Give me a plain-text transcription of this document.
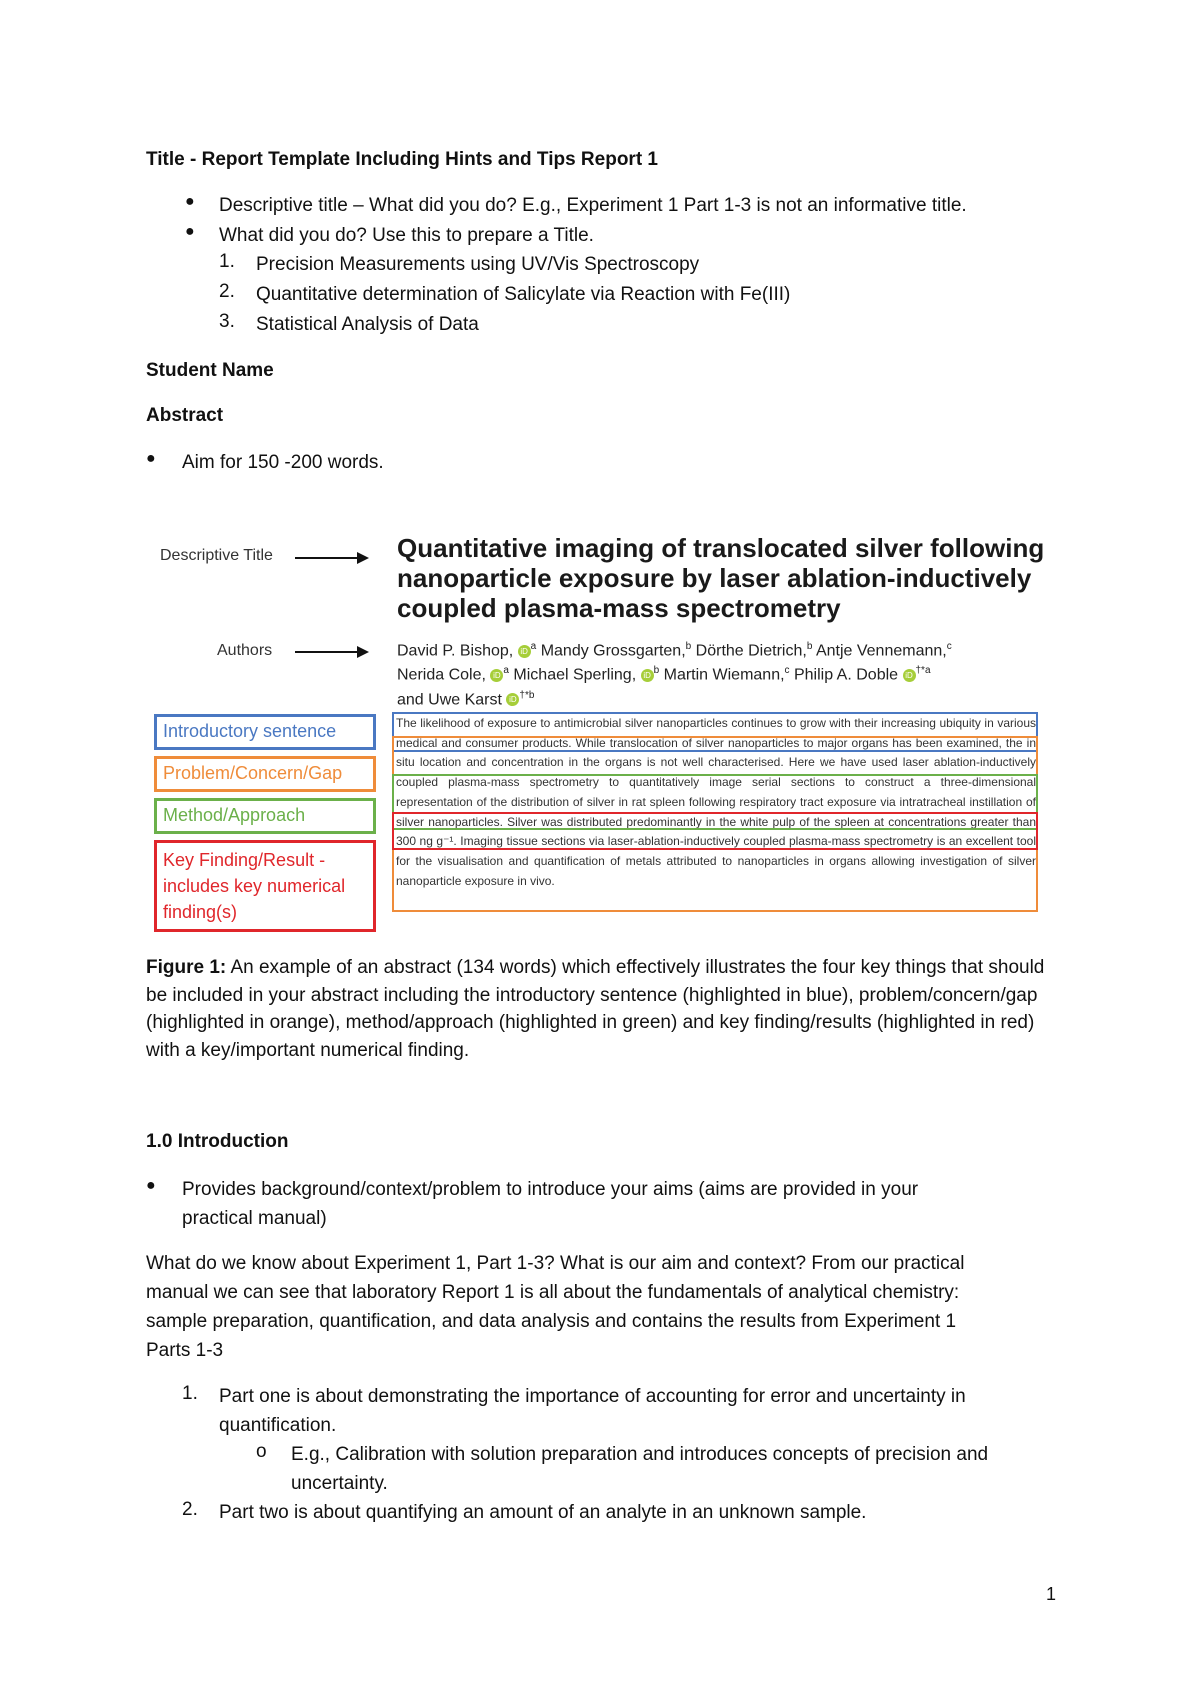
Title - Report Template Including Hints and Tips Report 1
● Descriptive title – What did you do? E.g., Experiment 1 Part 1-3 is not an informative title.
● What did you do? Use this to prepare a Title.
1. Precision Measurements using UV/Vis Spectroscopy
2. Quantitative determination of Salicylate via Reaction with Fe(III)
3. Statistical Analysis of Data
Student Name
Abstract
● Aim for 150 -200 words.
Descriptive Title
Authors
Quantitative imaging of translocated silver following nanoparticle exposure by laser ablation-inductively coupled plasma-mass spectrometry
David P. Bishop, iD $^a$ Mandy Grossgarten,$^b$ Dörthe Dietrich,$^b$ Antje Vennemann,$^c$
Nerida Cole, iD $^a$ Michael Sperling, iD $^b$ Martin Wiemann,$^c$ Philip A. Doble iD $^{\dagger*a}$
and Uwe Karst iD $^{\dagger*b}$
Introductory sentence
Problem/Concern/Gap
Method/Approach
Key Finding/Result - includes key numerical finding(s)
The likelihood of exposure to antimicrobial silver nanoparticles continues to grow with their increasing ubiquity in various medical and consumer products. While translocation of silver nanoparticles to major organs has been examined, the in situ location and concentration in the organs is not well characterised. Here we have used laser ablation-inductively coupled plasma-mass spectrometry to quantitatively image serial sections to construct a three-dimensional representation of the distribution of silver in rat spleen following respiratory tract exposure via intratracheal instillation of silver nanoparticles. Silver was distributed predominantly in the white pulp of the spleen at concentrations greater than 300 ng g⁻¹. Imaging tissue sections via laser-ablation-inductively coupled plasma-mass spectrometry is an excellent tool for the visualisation and quantification of metals attributed to nanoparticles in organs allowing investigation of silver nanoparticle exposure in vivo.
Figure 1: An example of an abstract (134 words) which effectively illustrates the four key things that should be included in your abstract including the introductory sentence (highlighted in blue), problem/concern/gap (highlighted in orange), method/approach (highlighted in green) and key finding/results (highlighted in red) with a key/important numerical finding.
1.0 Introduction
● Provides background/context/problem to introduce your aims (aims are provided in your
practical manual)
What do we know about Experiment 1, Part 1-3? What is our aim and context? From our practical
manual we can see that laboratory Report 1 is all about the fundamentals of analytical chemistry:
sample preparation, quantification, and data analysis and contains the results from Experiment 1
Parts 1-3
1. Part one is about demonstrating the importance of accounting for error and uncertainty in
quantification.
o E.g., Calibration with solution preparation and introduces concepts of precision and
uncertainty.
2. Part two is about quantifying an amount of an analyte in an unknown sample.
1
